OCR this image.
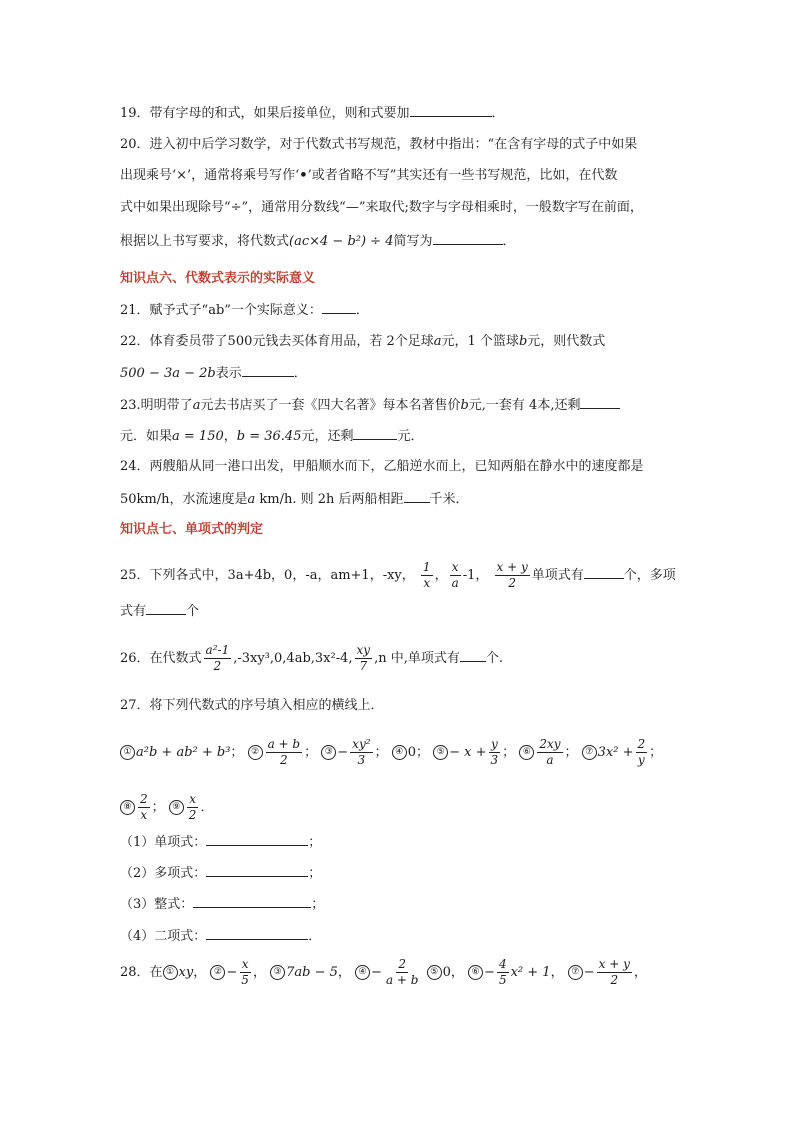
19．带有字母的和式，如果后接单位，则和式要加	．
20．进入初中后学习数学，对于代数式书写规范，教材中指出：“在含有字母的式子中如果
出现乘号‘×’，通常将乘号写作‘•’或者省略不写”其实还有一些书写规范，比如，在代数
式中如果出现除号“÷”，通常用分数线“—”来取代;数字与字母相乘时，一般数字写在前面，
根据以上书写要求，将代数式(ac×4 − b²) ÷ 4简写为	．
知识点六、代数式表示的实际意义
21．赋予式子“ab”一个实际意义：	．
22．体育委员带了500元钱去买体育用品，若 2个足球a元，1 个篮球b元，则代数式
500 − 3a − 2b表示	．
23.明明带了a元去书店买了一套《四大名著》每本名著售价b元,一套有 4本,还剩
元．如果a = 150，b = 36.45元，还剩	元．
24．两艘船从同一港口出发，甲船顺水而下，乙船逆水而上，已知两船在静水中的速度都是
50km/h，水流速度是a km/h. 则 2h 后两船相距 千米．
知识点七、单项式的判定
25．下列各式中，3a+4b，0，-a，am+1，-xy， $\frac{1}{x}$ ， $\frac{x}{a} -1$， $\frac{x + y}{2}$ 单项式有	个，多项
式有	个
26．在代数式 $\frac{\text{a²-1}}{2} ,-3xy^3,0,4ab,3x^2-4$, $\frac{xy}{7} ,n$ 中,单项式有 个.
27．将下列代数式的序号填入相应的横线上．
① a²b + ab² + b³； ② $\frac{a + b}{2}$ ； ③ − $\frac{\text{xy²}}{3}$ ； ④ 0； ⑤ − $x + \frac{y}{3}$ ； ⑥ $\frac{2xy}{a}$ ； ⑦ $3x^2 + \frac{2}{y}$ ；
⑧ $\frac{2}{x}$ ； ⑨ $\frac{x}{2}$ ．
（1）单项式：	；
（2）多项式：	；
（3）整式：	；
（4）二项式：	．
28．在 ① xy， ② − $\frac{x}{5}$ ， ③ 7ab − 5， ④ − $\frac{2}{a + b}$ ⑤ 0， ⑥ − $\frac{4}{5} x^2 + 1$， ⑦ − $\frac{x + y}{2}$ ，
